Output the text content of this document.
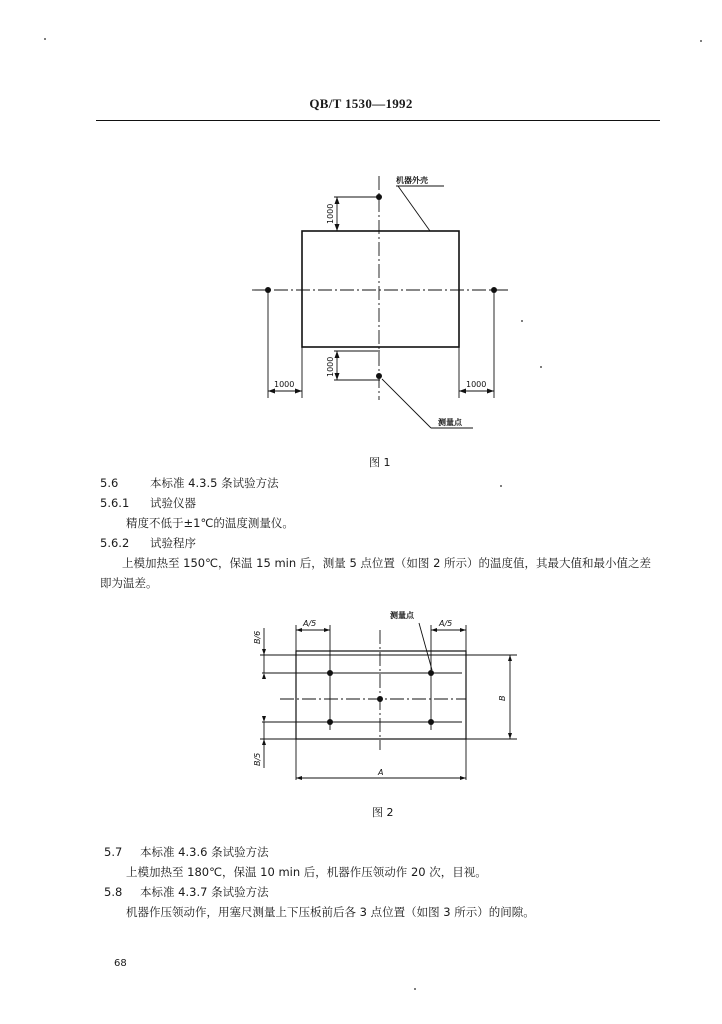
QB/T 1530—1992
1000
1000
1000	1000
机器外壳
测量点
图 1
5.6	本标准 4.3.5 条试验方法
5.6.1 试验仪器
精度不低于±1℃的温度测量仪。
5.6.2 试验程序
上模加热至 150℃，保温 15 min 后，测量 5 点位置（如图 2 所示）的温度值，其最大值和最小值之差
即为温差。
A/5	A/5
B/6
B/5
B
A
测量点
图 2
5.7 本标准 4.3.6 条试验方法
上模加热至 180℃，保温 10 min 后，机器作压领动作 20 次，目视。
5.8 本标准 4.3.7 条试验方法
机器作压领动作，用塞尺测量上下压板前后各 3 点位置（如图 3 所示）的间隙。
68
